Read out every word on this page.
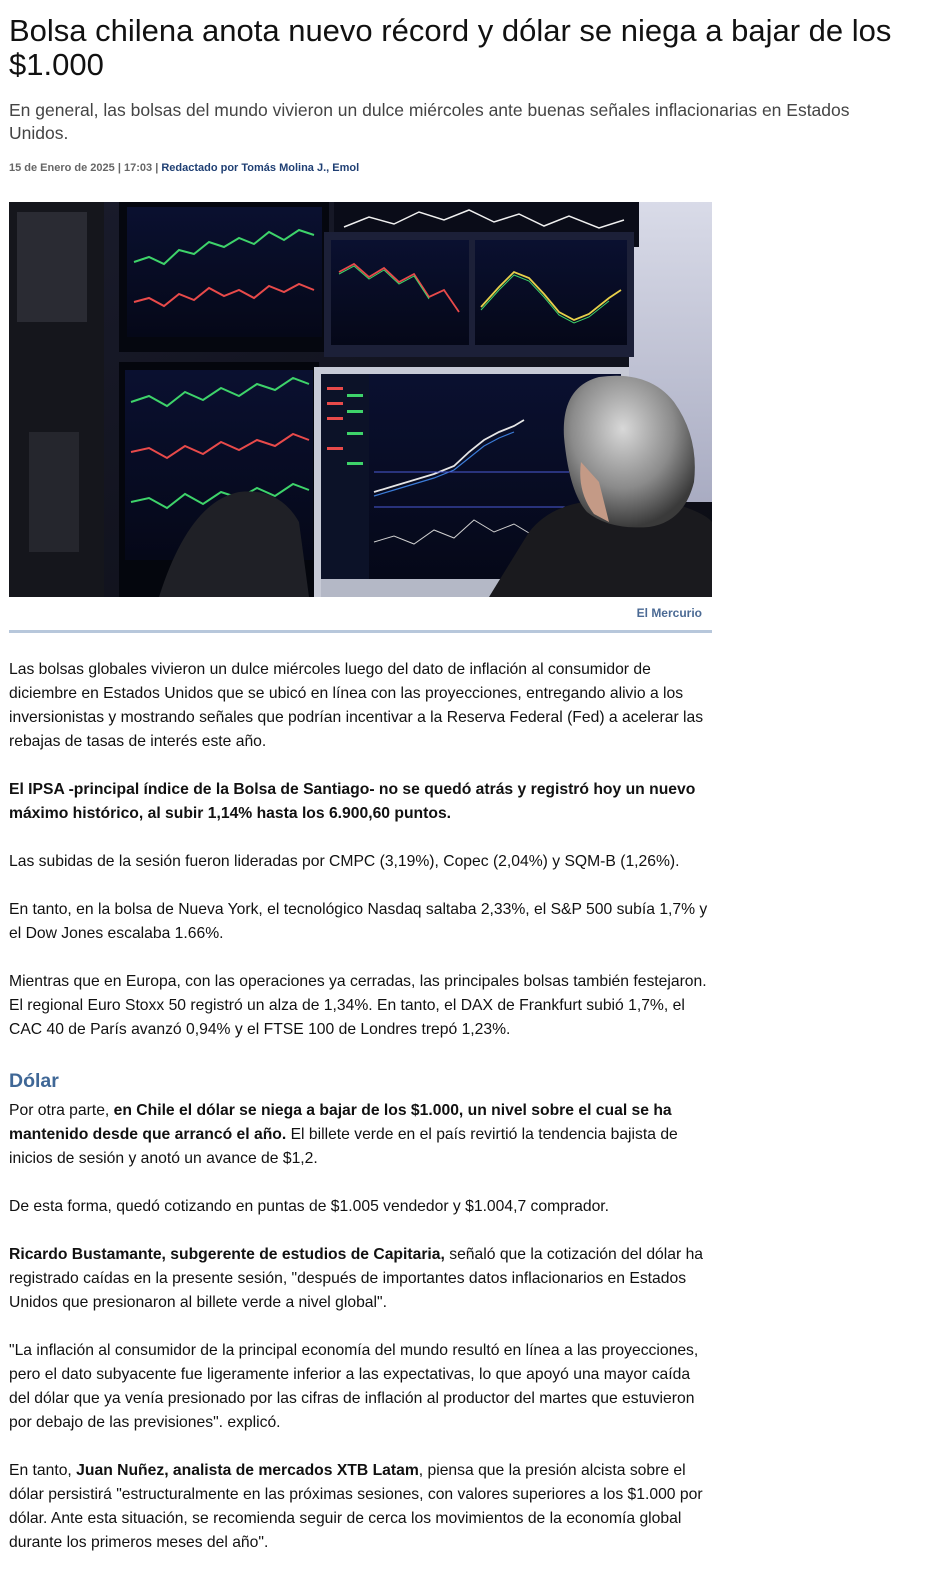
Bolsa chilena anota nuevo récord y dólar se niega a bajar de los $1.000

En general, las bolsas del mundo vivieron un dulce miércoles ante buenas señales inflacionarias en Estados Unidos.

15 de Enero de 2025 | 17:03 | Redactado por Tomás Molina J., Emol
El Mercurio

Las bolsas globales vivieron un dulce miércoles luego del dato de inflación al consumidor de diciembre en Estados Unidos que se ubicó en línea con las proyecciones, entregando alivio a los inversionistas y mostrando señales que podrían incentivar a la Reserva Federal (Fed) a acelerar las rebajas de tasas de interés este año.

El IPSA -principal índice de la Bolsa de Santiago- no se quedó atrás y registró hoy un nuevo máximo histórico, al subir 1,14% hasta los 6.900,60 puntos.

Las subidas de la sesión fueron lideradas por CMPC (3,19%), Copec (2,04%) y SQM-B (1,26%).

En tanto, en la bolsa de Nueva York, el tecnológico Nasdaq saltaba 2,33%, el S&P 500 subía 1,7% y el Dow Jones escalaba 1.66%.

Mientras que en Europa, con las operaciones ya cerradas, las principales bolsas también festejaron. El regional Euro Stoxx 50 registró un alza de 1,34%. En tanto, el DAX de Frankfurt subió 1,7%, el CAC 40 de París avanzó 0,94% y el FTSE 100 de Londres trepó 1,23%.

Dólar

Por otra parte, en Chile el dólar se niega a bajar de los $1.000, un nivel sobre el cual se ha mantenido desde que arrancó el año. El billete verde en el país revirtió la tendencia bajista de inicios de sesión y anotó un avance de $1,2.

De esta forma, quedó cotizando en puntas de $1.005 vendedor y $1.004,7 comprador.

Ricardo Bustamante, subgerente de estudios de Capitaria, señaló que la cotización del dólar ha registrado caídas en la presente sesión, "después de importantes datos inflacionarios en Estados Unidos que presionaron al billete verde a nivel global".

"La inflación al consumidor de la principal economía del mundo resultó en línea a las proyecciones, pero el dato subyacente fue ligeramente inferior a las expectativas, lo que apoyó una mayor caída del dólar que ya venía presionado por las cifras de inflación al productor del martes que estuvieron por debajo de las previsiones". explicó.

En tanto, Juan Nuñez, analista de mercados XTB Latam, piensa que la presión alcista sobre el dólar persistirá "estructuralmente en las próximas sesiones, con valores superiores a los $1.000 por dólar. Ante esta situación, se recomienda seguir de cerca los movimientos de la economía global durante los primeros meses del año".
